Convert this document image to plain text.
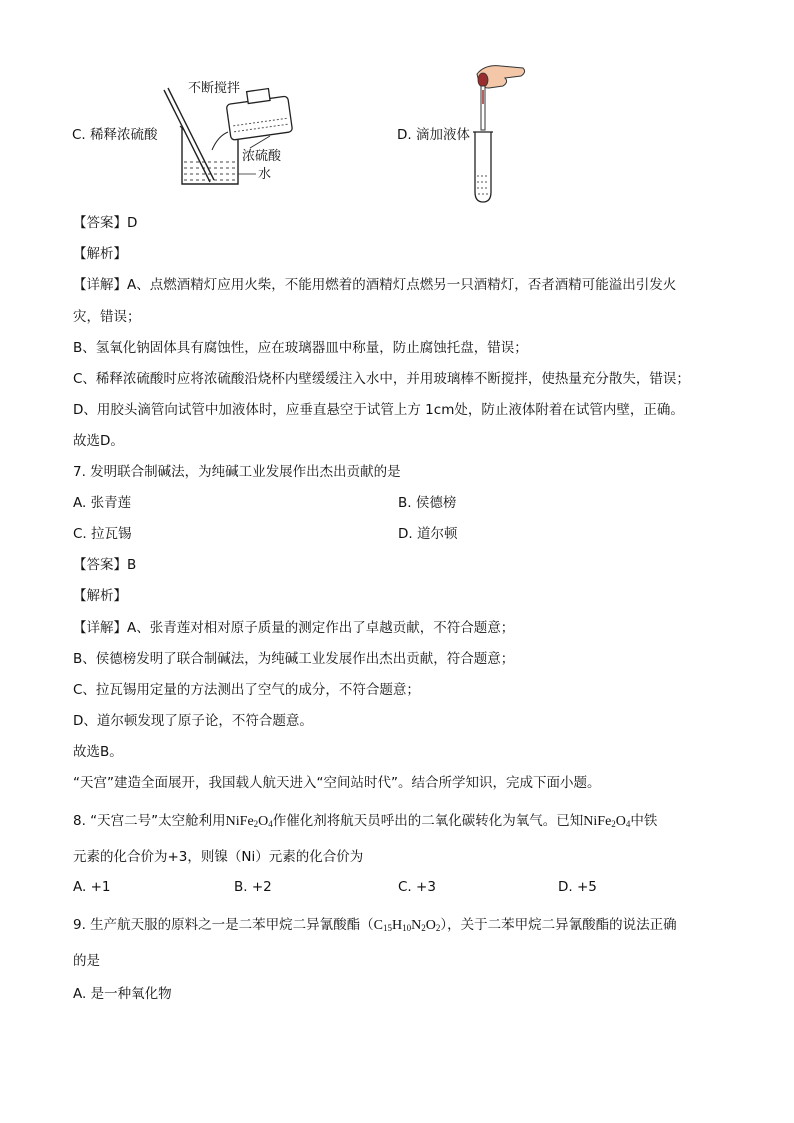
C. 稀释浓硫酸
不断搅拌
浓硫酸
水
D. 滴加液体
【答案】D
【解析】
【详解】A、点燃酒精灯应用火柴，不能用燃着的酒精灯点燃另一只酒精灯，否者酒精可能溢出引发火
灾，错误；
B、氢氧化钠固体具有腐蚀性，应在玻璃器皿中称量，防止腐蚀托盘，错误；
C、稀释浓硫酸时应将浓硫酸沿烧杯内壁缓缓注入水中，并用玻璃棒不断搅拌，使热量充分散失，错误；
D、用胶头滴管向试管中加液体时，应垂直悬空于试管上方 1cm处，防止液体附着在试管内壁，正确。
故选D。
7. 发明联合制碱法，为纯碱工业发展作出杰出贡献的是
A. 张青莲	B. 侯德榜
C. 拉瓦锡	D. 道尔顿
【答案】B
【解析】
【详解】A、张青莲对相对原子质量的测定作出了卓越贡献，不符合题意；
B、侯德榜发明了联合制碱法，为纯碱工业发展作出杰出贡献，符合题意；
C、拉瓦锡用定量的方法测出了空气的成分，不符合题意；
D、道尔顿发现了原子论，不符合题意。
故选B。
“天宫”建造全面展开，我国载人航天进入“空间站时代”。结合所学知识，完成下面小题。
8. “天宫二号”太空舱利用$NiFe_2O_4$作催化剂将航天员呼出的二氧化碳转化为氧气。已知$NiFe_2O_4$中铁
元素的化合价为+3，则镍（Ni）元素的化合价为
A. +1	B. +2	C. +3	D. +5
9. 生产航天服的原料之一是二苯甲烷二异氰酸酯$(C_{15}H_{10}N_2O_2)$，关于二苯甲烷二异氰酸酯的说法正确
的是
A. 是一种氧化物
